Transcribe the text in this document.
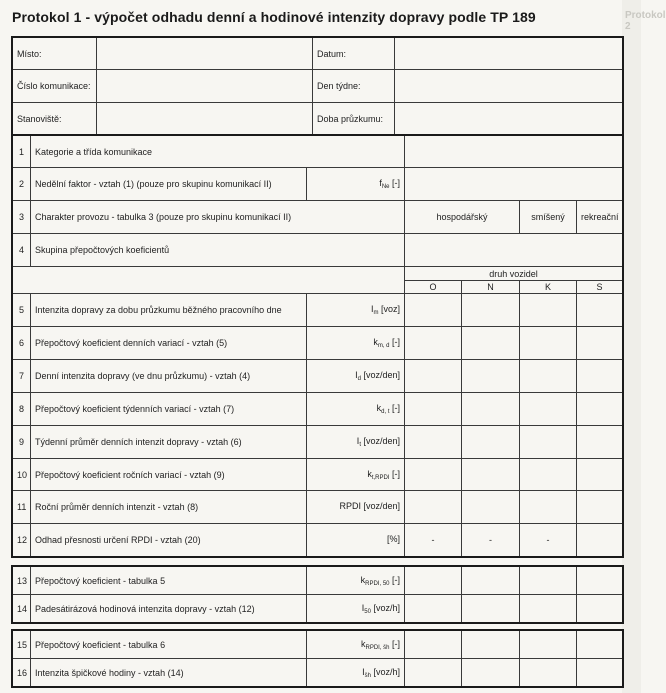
Protokol 2
Protokol 1 - výpočet odhadu denní a hodinové intenzity dopravy podle TP 189
Místo:		Datum:	
Číslo komunikace:		Den týdne:	
Stanoviště:		Doba průzkumu:	
1	Kategorie a třída komunikace					
2	Nedělní faktor - vztah (1) (pouze pro skupinu komunikací II)	$f_{Ne}$ [-]				
3	Charakter provozu - tabulka 3 (pouze pro skupinu komunikací II)		hospodářský		smíšený	rekreační
4	Skupina přepočtových koeficientů					
			druh vozidel			
			O	N	K	S
5	Intenzita dopravy za dobu průzkumu běžného pracovního dne	$I_m$ [voz]				
6	Přepočtový koeficient denních variací - vztah (5)	$k_{m, d}$ [-]				
7	Denní intenzita dopravy (ve dnu průzkumu) - vztah (4)	$I_d$ [voz/den]				
8	Přepočtový koeficient týdenních variací - vztah (7)	$k_{d, t}$ [-]				
9	Týdenní průměr denních intenzit dopravy - vztah (6)	$I_t$ [voz/den]				
10	Přepočtový koeficient ročních variací - vztah (9)	$k_{t,RPDI}$ [-]				
11	Roční průměr denních intenzit - vztah (8)	RPDI [voz/den]				
12	Odhad přesnosti určení RPDI - vztah (20)	[%]	-	-	-	
13	Přepočtový koeficient - tabulka 5	$k_{RPDI, 50}$ [-]				
14	Padesátirázová hodinová intenzita dopravy - vztah (12)	$I_{50}$ [voz/h]				
15	Přepočtový koeficient - tabulka 6	$k_{RPDI, šh}$ [-]				
16	Intenzita špičkové hodiny - vztah (14)	$I_{šh}$ [voz/h]				
